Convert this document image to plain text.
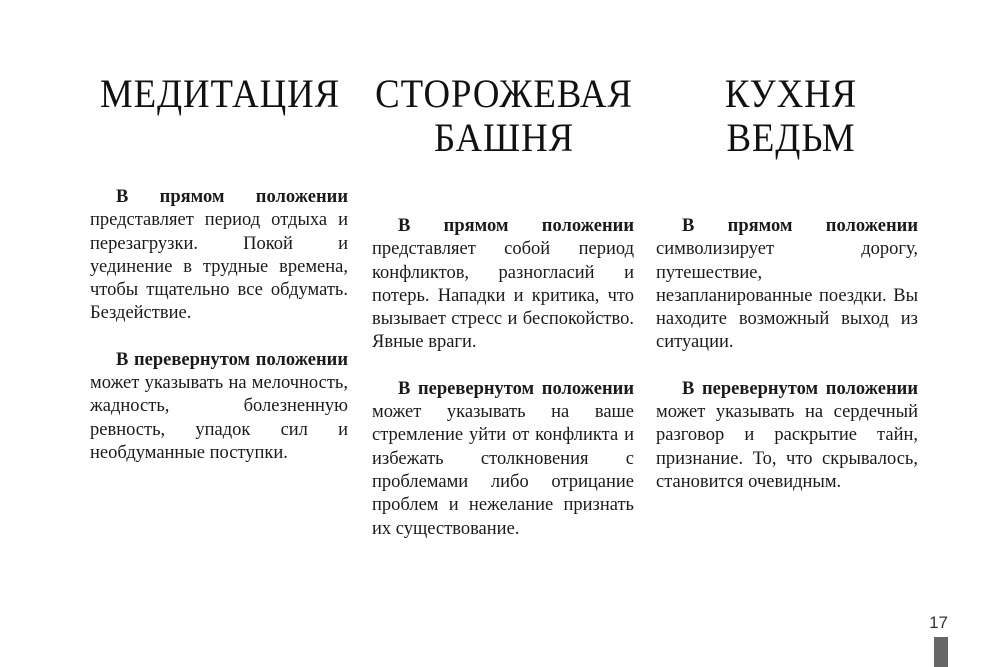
МЕДИТАЦИЯ СТОРОЖЕВАЯ
БАШНЯ
КУХНЯ
ВЕДЬМ

В прямом положении представляет период отдыха и перезагрузки. Покой и уединение в трудные времена, чтобы тщательно все обдумать. Бездействие.

В перевернутом положении может указывать на мелочность, жадность, болезненную ревность, упадок сил и необдуманные поступки.

В прямом положении представляет собой период конфликтов, разногласий и потерь. Нападки и критика, что вызывает стресс и беспокойство. Явные враги.

В перевернутом положении может указывать на ваше стремление уйти от конфликта и избежать столкновения с проблемами либо отрицание проблем и нежелание признать их существование.

В прямом положении символизирует дорогу, путешествие, незапланированные поездки. Вы находите возможный выход из ситуации.

В перевернутом положении может указывать на сердечный разговор и раскрытие тайн, признание. То, что скрывалось, становится очевидным.

17
